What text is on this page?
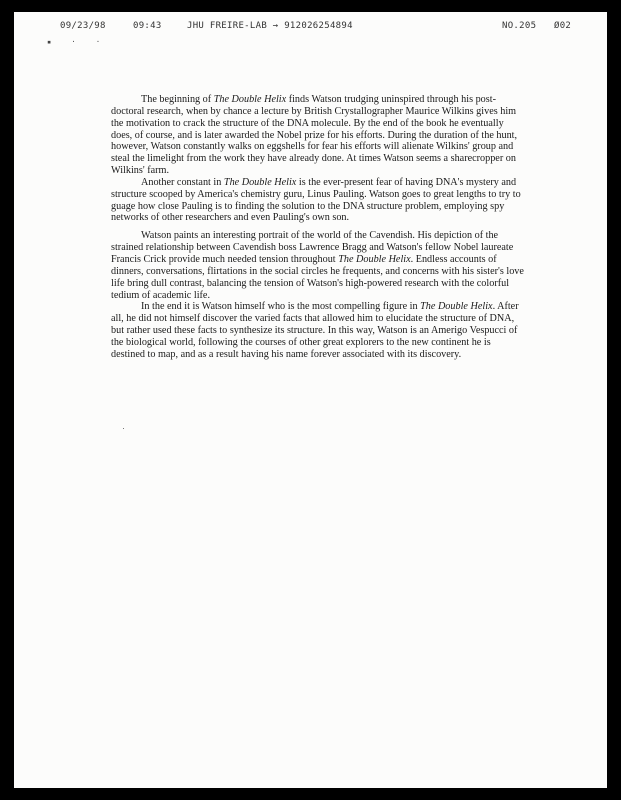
09/23/98	09:43	JHU FREIRE-LAB → 912026254894	NO.205 Ø02
▪ · ·

The beginning of The Double Helix finds Watson trudging uninspired through his post-doctoral research, when by chance a lecture by British Crystallographer Maurice Wilkins gives him the motivation to crack the structure of the DNA molecule. By the end of the book he eventually does, of course, and is later awarded the Nobel prize for his efforts. During the duration of the hunt, however, Watson constantly walks on eggshells for fear his efforts will alienate Wilkins' group and steal the limelight from the work they have already done. At times Watson seems a sharecropper on Wilkins' farm.

Another constant in The Double Helix is the ever-present fear of having DNA's mystery and structure scooped by America's chemistry guru, Linus Pauling. Watson goes to great lengths to try to guage how close Pauling is to finding the solution to the DNA structure problem, employing spy networks of other researchers and even Pauling's own son.

Watson paints an interesting portrait of the world of the Cavendish. His depiction of the strained relationship between Cavendish boss Lawrence Bragg and Watson's fellow Nobel laureate Francis Crick provide much needed tension throughout The Double Helix. Endless accounts of dinners, conversations, flirtations in the social circles he frequents, and concerns with his sister's love life bring dull contrast, balancing the tension of Watson's high-powered research with the colorful tedium of academic life.

In the end it is Watson himself who is the most compelling figure in The Double Helix. After all, he did not himself discover the varied facts that allowed him to elucidate the structure of DNA, but rather used these facts to synthesize its structure. In this way, Watson is an Amerigo Vespucci of the biological world, following the courses of other great explorers to the new continent he is destined to map, and as a result having his name forever associated with its discovery.
